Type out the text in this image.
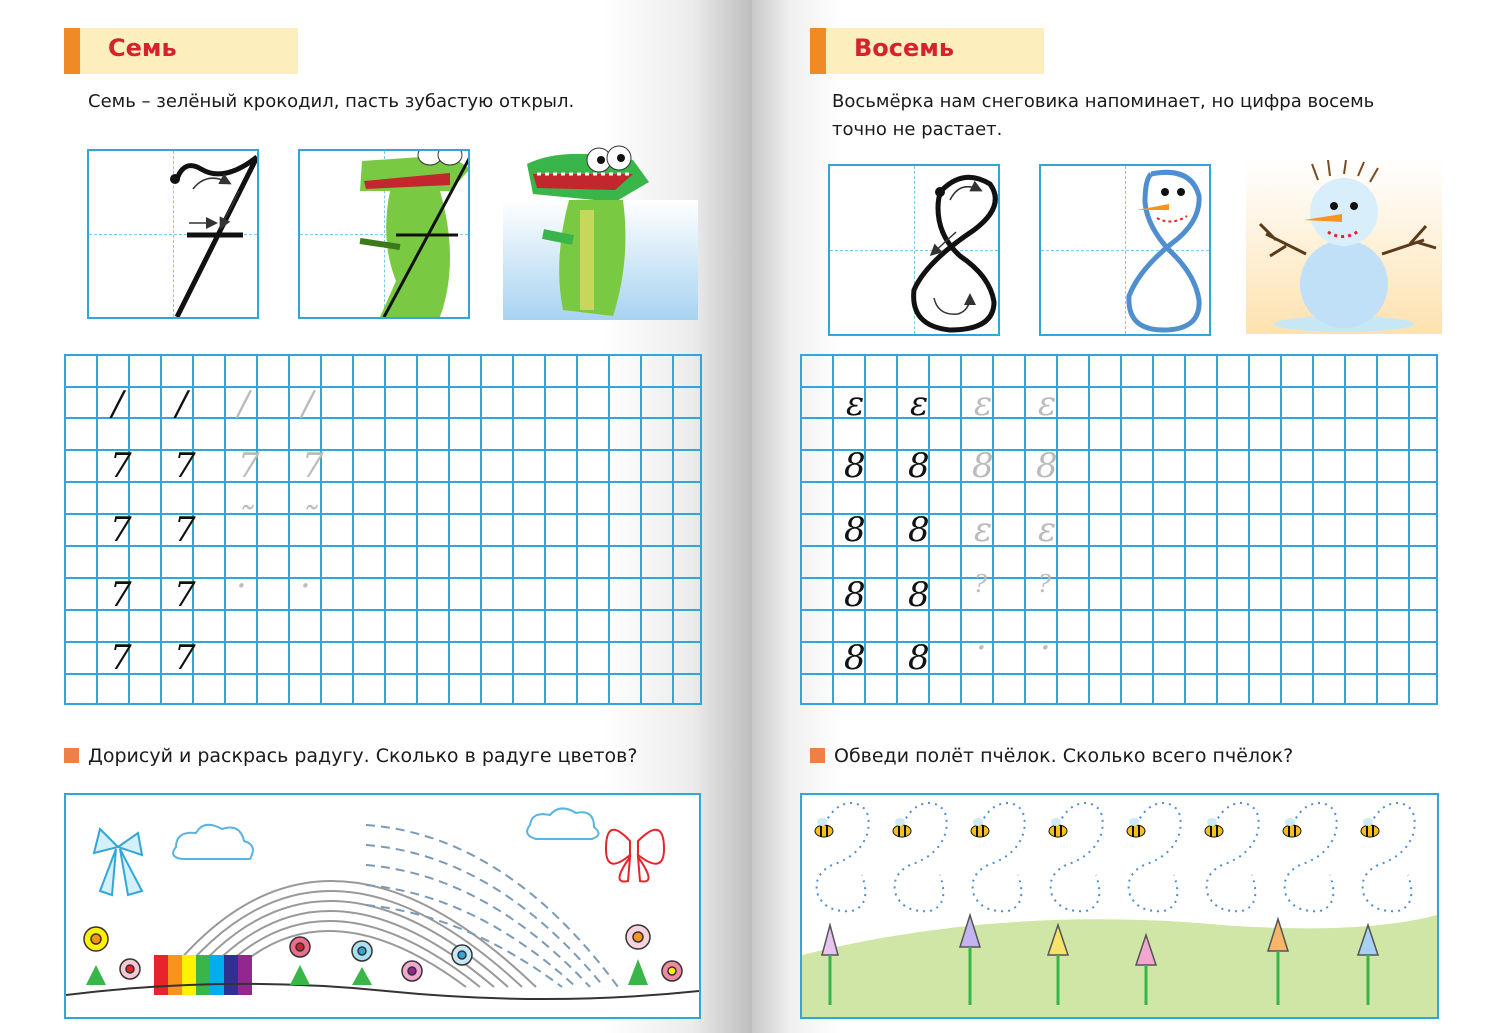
Семь
Семь – зелёный крокодил, пасть зубастую открыл.
/ / / /
7 7 7 7
7 7 ˜ ˜
7 7 · ·
7 7
Дорисуй и раскрась радугу. Сколько в радуге цветов?
Восемь
Восьмёрка нам снеговика напоминает, но цифра восемь точно не растает.
ɛ ɛ ɛ ɛ
8 8 8 8
8 8 ε ε
8 8 ? ?
8 8 · ·
Обведи полёт пчёлок. Сколько всего пчёлок?
